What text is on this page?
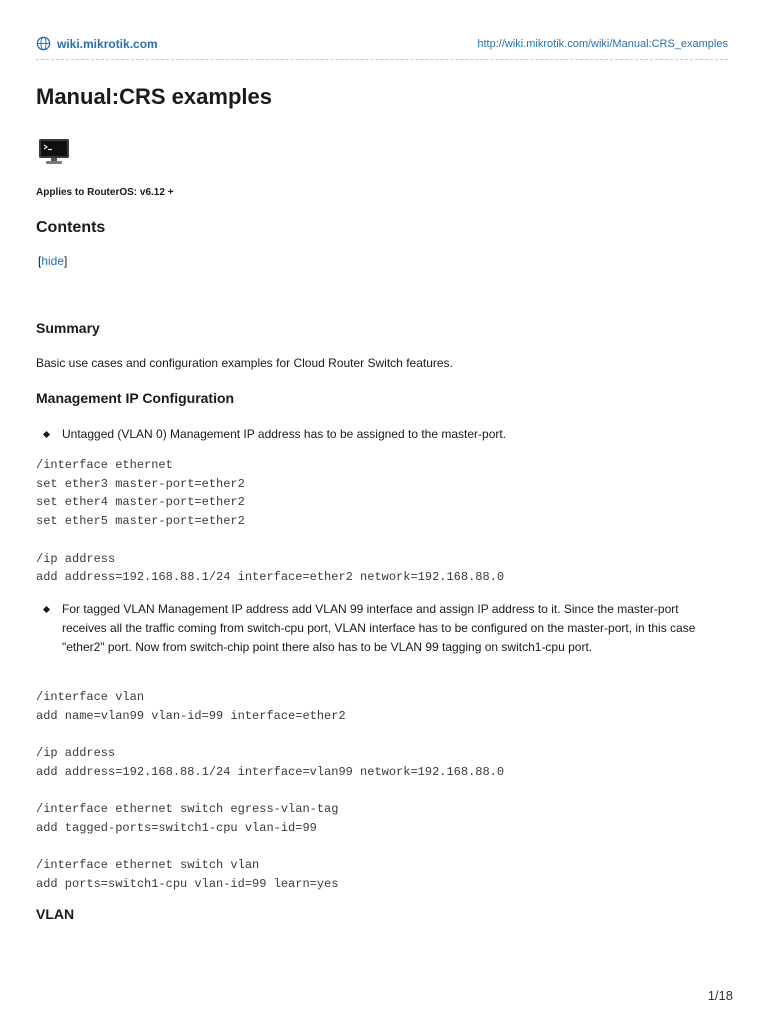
wiki.mikrotik.com	http://wiki.mikrotik.com/wiki/Manual:CRS_examples
Manual:CRS examples
Applies to RouterOS: v6.12 +
Contents
[hide]
Summary
Basic use cases and configuration examples for Cloud Router Switch features.
Management IP Configuration
Untagged (VLAN 0) Management IP address has to be assigned to the master-port.
/interface ethernet
set ether3 master-port=ether2
set ether4 master-port=ether2
set ether5 master-port=ether2

/ip address
add address=192.168.88.1/24 interface=ether2 network=192.168.88.0
For tagged VLAN Management IP address add VLAN 99 interface and assign IP address to it. Since the master-port receives all the traffic coming from switch-cpu port, VLAN interface has to be configured on the master-port, in this case "ether2" port. Now from switch-chip point there also has to be VLAN 99 tagging on switch1-cpu port.
/interface vlan
add name=vlan99 vlan-id=99 interface=ether2

/ip address
add address=192.168.88.1/24 interface=vlan99 network=192.168.88.0

/interface ethernet switch egress-vlan-tag
add tagged-ports=switch1-cpu vlan-id=99

/interface ethernet switch vlan
add ports=switch1-cpu vlan-id=99 learn=yes
VLAN
1/18
